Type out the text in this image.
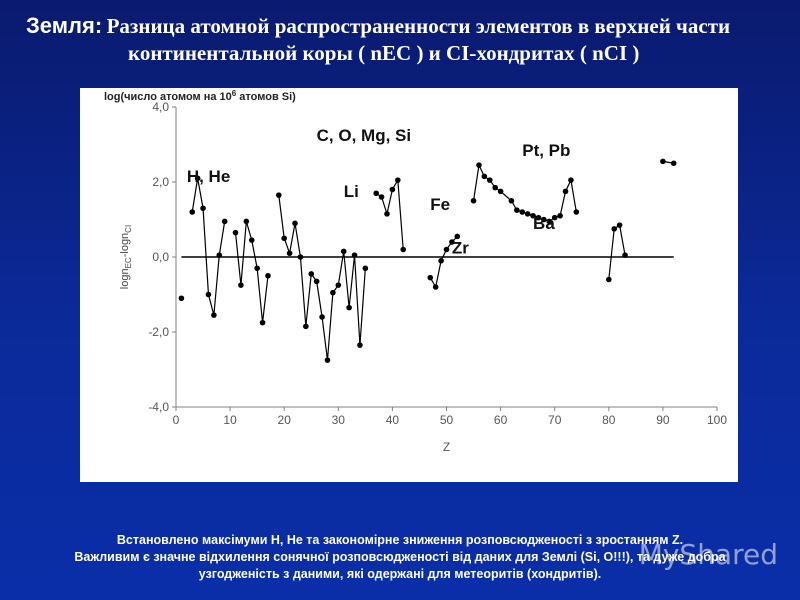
Земля: Разница атомной распространенности элементов в верхней части
континентальной коры ( nEC ) и CI-хондритах ( nCI )
4,0
2,0
0,0
-2,0
-4,0
0	10	20	30	40	50	60	70	80	90	100
Z
log(число атомом на $10^6$ атомов Si)
logn$_{EC}$-logn$_{CI}$
H, He
C, O, Mg, Si
Li
Fe
Zr
Pt, Pb
Ba
Встановлено максімуми H, He та закономірне зниження розповсюдженості з зростанням Z.
Важливим є значне відхилення сонячної розповсюдженості від даних для Землі (Si, O!!!), та дуже добра
узгодженість з даними, які одержані для метеоритів (хондритів).
MyShared
